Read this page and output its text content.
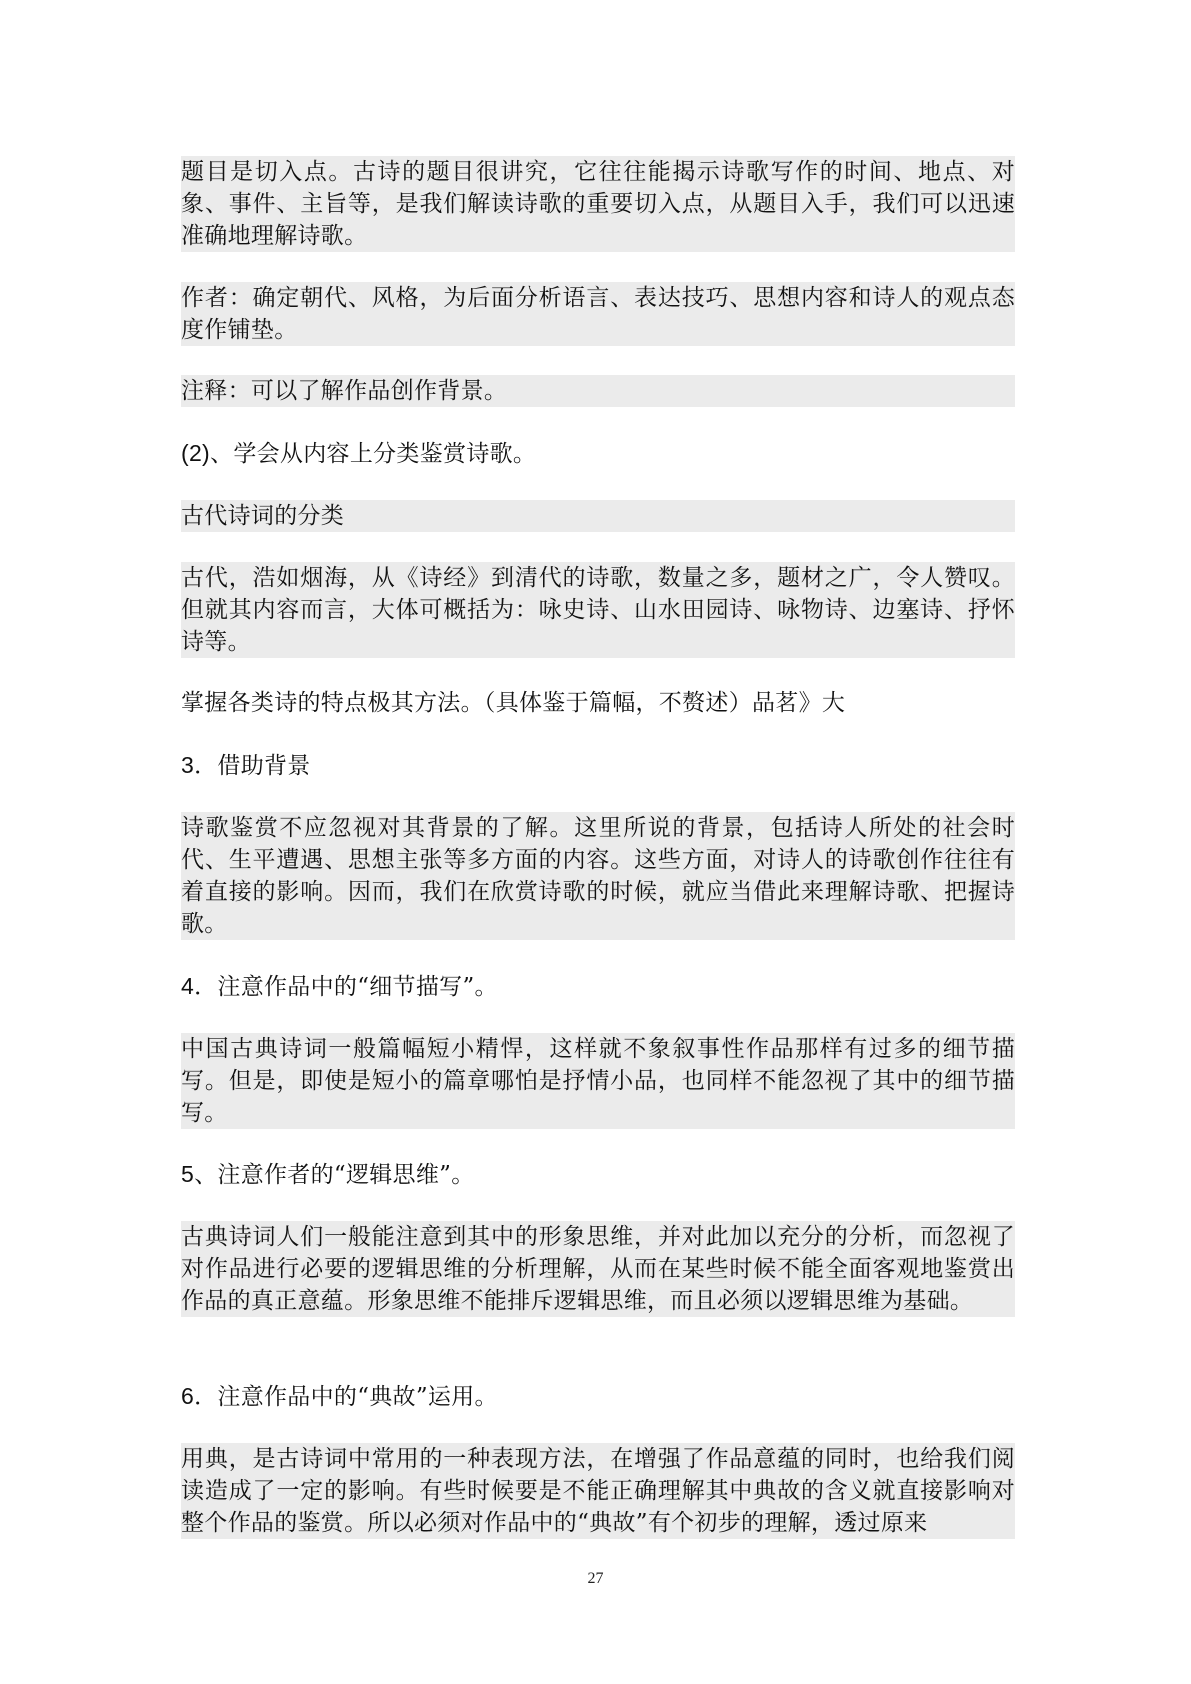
题目是切入点。古诗的题目很讲究，它往往能揭示诗歌写作的时间、地点、对象、事件、主旨等，是我们解读诗歌的重要切入点，从题目入手，我们可以迅速准确地理解诗歌。

作者：确定朝代、风格，为后面分析语言、表达技巧、思想内容和诗人的观点态度作铺垫。

注释：可以了解作品创作背景。

(2)、学会从内容上分类鉴赏诗歌。

古代诗词的分类

古代，浩如烟海，从《诗经》到清代的诗歌，数量之多，题材之广，令人赞叹。但就其内容而言，大体可概括为：咏史诗、山水田园诗、咏物诗、边塞诗、抒怀诗等。

掌握各类诗的特点极其方法。（具体鉴于篇幅，不赘述）品茗》大

3．借助背景

诗歌鉴赏不应忽视对其背景的了解。这里所说的背景，包括诗人所处的社会时代、生平遭遇、思想主张等多方面的内容。这些方面，对诗人的诗歌创作往往有着直接的影响。因而，我们在欣赏诗歌的时候，就应当借此来理解诗歌、把握诗歌。

4．注意作品中的“细节描写”。

中国古典诗词一般篇幅短小精悍，这样就不象叙事性作品那样有过多的细节描写。但是，即使是短小的篇章哪怕是抒情小品，也同样不能忽视了其中的细节描写。

5、注意作者的“逻辑思维”。

古典诗词人们一般能注意到其中的形象思维，并对此加以充分的分析，而忽视了对作品进行必要的逻辑思维的分析理解，从而在某些时候不能全面客观地鉴赏出作品的真正意蕴。形象思维不能排斥逻辑思维，而且必须以逻辑思维为基础。

6．注意作品中的“典故”运用。

用典，是古诗词中常用的一种表现方法，在增强了作品意蕴的同时，也给我们阅读造成了一定的影响。有些时候要是不能正确理解其中典故的含义就直接影响对整个作品的鉴赏。所以必须对作品中的“典故”有个初步的理解，透过原来

27
